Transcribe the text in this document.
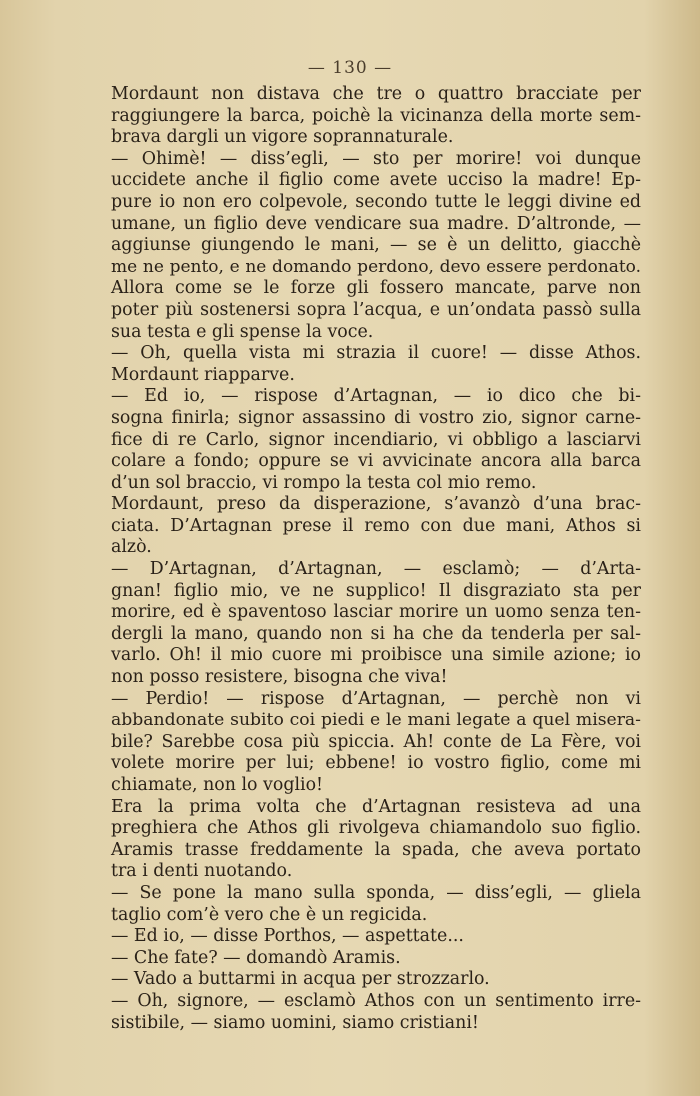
— 130 —
Mordaunt non distava che tre o quattro bracciate per
raggiungere la barca, poichè la vicinanza della morte sem-
brava dargli un vigore soprannaturale.
— Ohimè! — diss’egli, — sto per morire! voi dunque
uccidete anche il figlio come avete ucciso la madre! Ep-
pure io non ero colpevole, secondo tutte le leggi divine ed
umane, un figlio deve vendicare sua madre. D’altronde, —
aggiunse giungendo le mani, — se è un delitto, giacchè
me ne pento, e ne domando perdono, devo essere perdonato.
Allora come se le forze gli fossero mancate, parve non
poter più sostenersi sopra l’acqua, e un’ondata passò sulla
sua testa e gli spense la voce.
— Oh, quella vista mi strazia il cuore! — disse Athos.
Mordaunt riapparve.
— Ed io, — rispose d’Artagnan, — io dico che bi-
sogna finirla; signor assassino di vostro zio, signor carne-
fice di re Carlo, signor incendiario, vi obbligo a lasciarvi
colare a fondo; oppure se vi avvicinate ancora alla barca
d’un sol braccio, vi rompo la testa col mio remo.
Mordaunt, preso da disperazione, s’avanzò d’una brac-
ciata. D’Artagnan prese il remo con due mani, Athos si
alzò.
— D’Artagnan, d’Artagnan, — esclamò; — d’Arta-
gnan! figlio mio, ve ne supplico! Il disgraziato sta per
morire, ed è spaventoso lasciar morire un uomo senza ten-
dergli la mano, quando non si ha che da tenderla per sal-
varlo. Oh! il mio cuore mi proibisce una simile azione; io
non posso resistere, bisogna che viva!
— Perdio! — rispose d’Artagnan, — perchè non vi
abbandonate subito coi piedi e le mani legate a quel misera-
bile? Sarebbe cosa più spiccia. Ah! conte de La Fère, voi
volete morire per lui; ebbene! io vostro figlio, come mi
chiamate, non lo voglio!
Era la prima volta che d’Artagnan resisteva ad una
preghiera che Athos gli rivolgeva chiamandolo suo figlio.
Aramis trasse freddamente la spada, che aveva portato
tra i denti nuotando.
— Se pone la mano sulla sponda, — diss’egli, — gliela
taglio com’è vero che è un regicida.
— Ed io, — disse Porthos, — aspettate...
— Che fate? — domandò Aramis.
— Vado a buttarmi in acqua per strozzarlo.
— Oh, signore, — esclamò Athos con un sentimento irre-
sistibile, — siamo uomini, siamo cristiani!
